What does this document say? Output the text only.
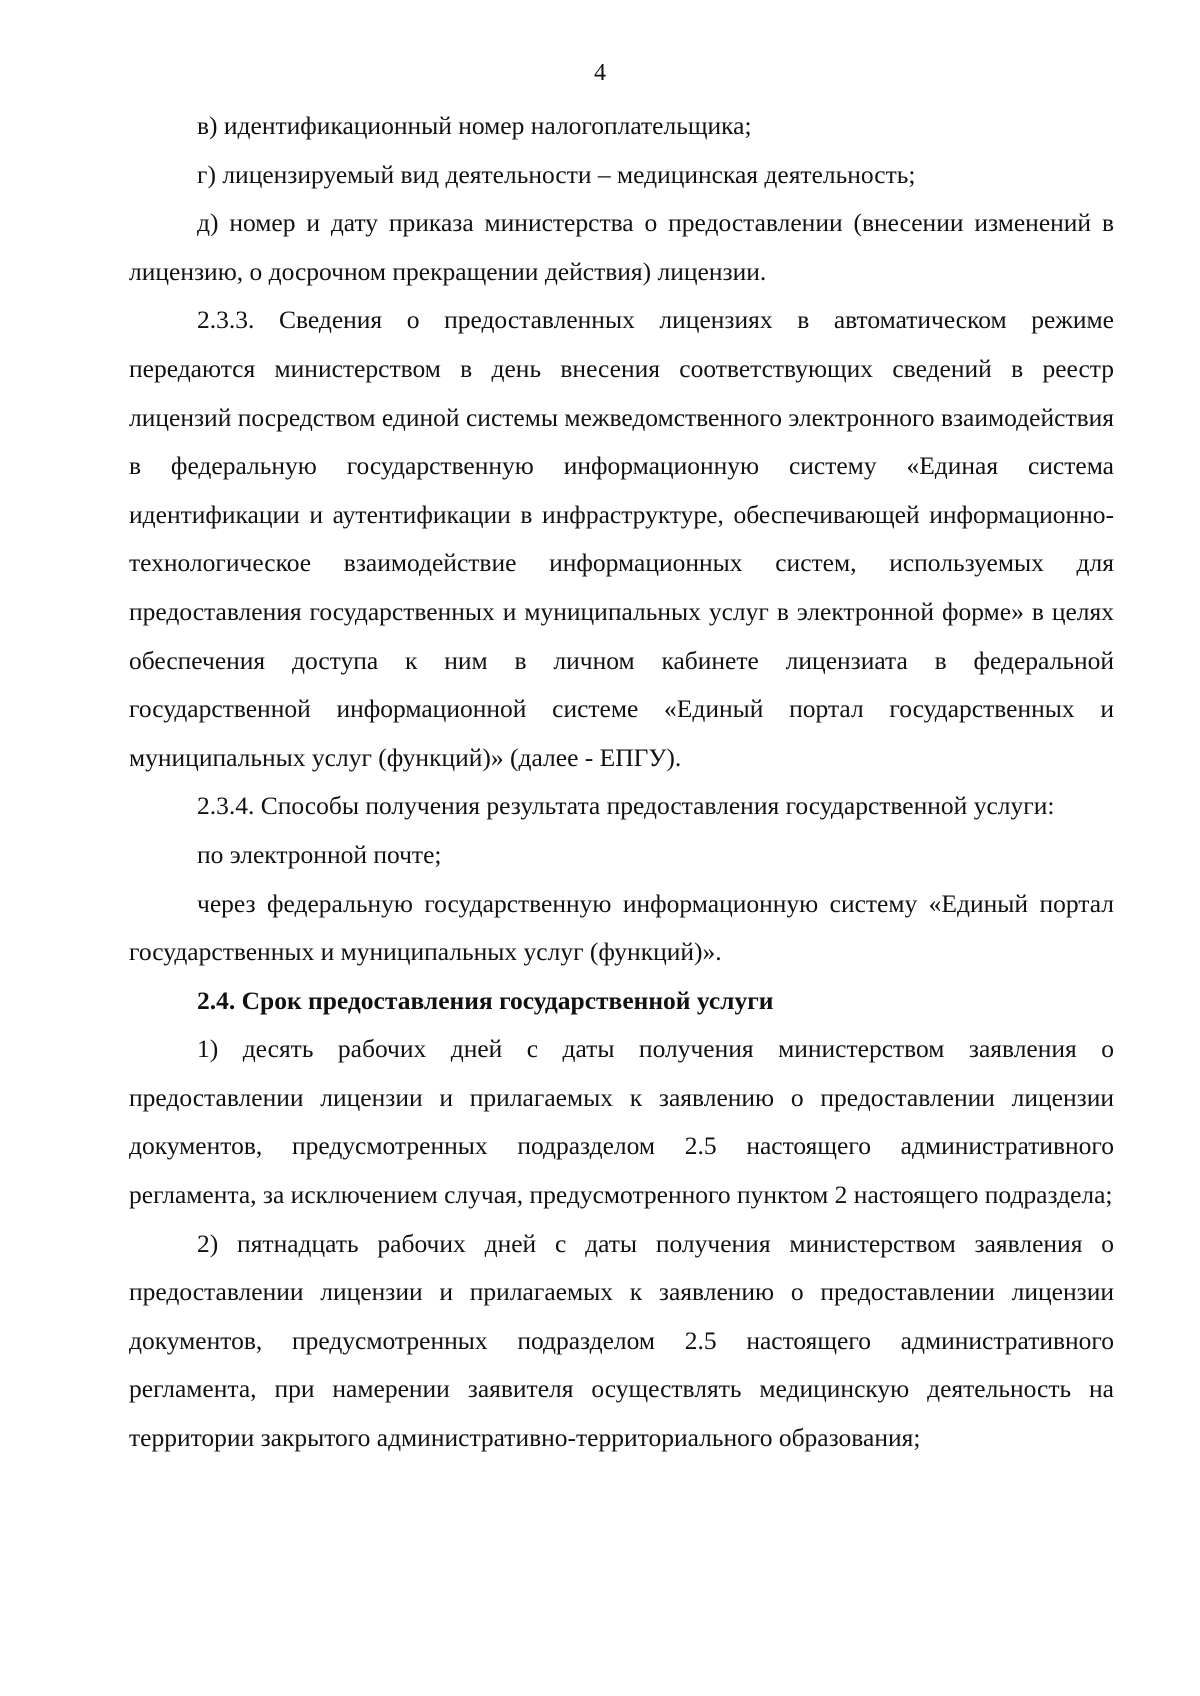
4

в) идентификационный номер налогоплательщика;

г) лицензируемый вид деятельности – медицинская деятельность;

д) номер и дату приказа министерства о предоставлении (внесении изменений в лицензию, о досрочном прекращении действия) лицензии.

2.3.3. Сведения о предоставленных лицензиях в автоматическом режиме передаются министерством в день внесения соответствующих сведений в реестр лицензий посредством единой системы межведомственного электронного взаимодействия в федеральную государственную информационную систему «Единая система идентификации и аутентификации в инфраструктуре, обеспечивающей информационно-технологическое взаимодействие информационных систем, используемых для предоставления государственных и муниципальных услуг в электронной форме» в целях обеспечения доступа к ним в личном кабинете лицензиата в федеральной государственной информационной системе «Единый портал государственных и муниципальных услуг (функций)» (далее - ЕПГУ).

2.3.4. Способы получения результата предоставления государственной услуги:

по электронной почте;

через федеральную государственную информационную систему «Единый портал государственных и муниципальных услуг (функций)».

2.4. Срок предоставления государственной услуги

1) десять рабочих дней с даты получения министерством заявления о предоставлении лицензии и прилагаемых к заявлению о предоставлении лицензии документов, предусмотренных подразделом 2.5 настоящего административного регламента, за исключением случая, предусмотренного пунктом 2 настоящего подраздела;

2) пятнадцать рабочих дней с даты получения министерством заявления о предоставлении лицензии и прилагаемых к заявлению о предоставлении лицензии документов, предусмотренных подразделом 2.5 настоящего административного регламента, при намерении заявителя осуществлять медицинскую деятельность на территории закрытого административно-территориального образования;
